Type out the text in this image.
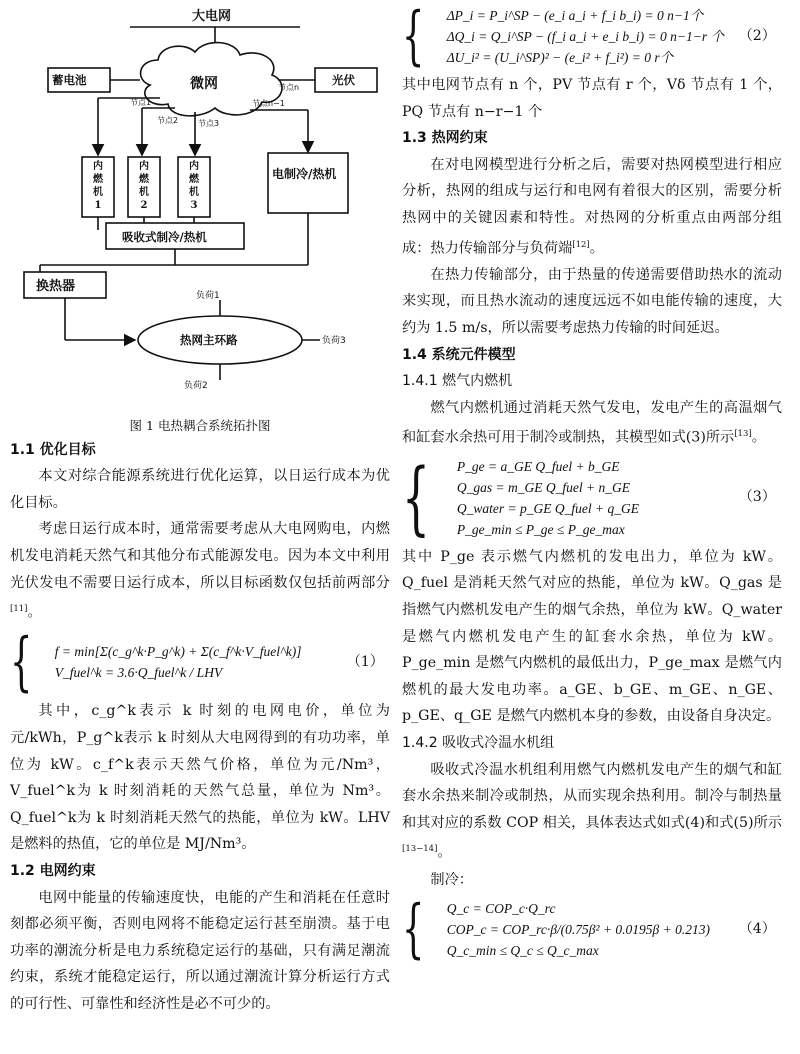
大电网
微网
蓄电池	光伏
节点1
节点2 节点3
节点n
节点n−1
负荷2
负荷1
负荷3
换热器
热网主环路
吸收式制冷/热机
电制冷/热机
内燃机1
内燃机2
内燃机3
图 1 电热耦合系统拓扑图
1.1 优化目标

本文对综合能源系统进行优化运算，以日运行成本为优化目标。

考虑日运行成本时，通常需要考虑从大电网购电，内燃机发电消耗天然气和其他分布式能源发电。因为本文中利用光伏发电不需要日运行成本，所以目标函数仅包括前两部分[11]。

{ f = min[Σ(c_g^k·P_g^k) + Σ(c_f^k·V_fuel^k)]
V_fuel^k = 3.6·Q_fuel^k / LHV
（1）

其中，c_g^k表示 k 时刻的电网电价，单位为元/kWh，P_g^k表示 k 时刻从大电网得到的有功功率，单位为 kW。c_f^k表示天然气价格，单位为元/Nm³，V_fuel^k为 k 时刻消耗的天然气总量，单位为 Nm³。Q_fuel^k为 k 时刻消耗天然气的热能，单位为 kW。LHV 是燃料的热值，它的单位是 MJ/Nm³。

1.2 电网约束

电网中能量的传输速度快，电能的产生和消耗在任意时刻都必须平衡，否则电网将不能稳定运行甚至崩溃。基于电功率的潮流分析是电力系统稳定运行的基础，只有满足潮流约束，系统才能稳定运行，所以通过潮流计算分析运行方式的可行性、可靠性和经济性是必不可少的。

{ ΔP_i = P_i^SP − (e_i a_i + f_i b_i) = 0 n−1个
ΔQ_i = Q_i^SP − (f_i a_i + e_i b_i) = 0 n−1−r 个
ΔU_i² = (U_i^SP)² − (e_i² + f_i²) = 0 r个
（2）

其中电网节点有 n 个，PV 节点有 r 个，Vδ 节点有 1 个，PQ 节点有 n−r−1 个

1.3 热网约束

在对电网模型进行分析之后，需要对热网模型进行相应分析，热网的组成与运行和电网有着很大的区别，需要分析热网中的关键因素和特性。对热网的分析重点由两部分组成：热力传输部分与负荷端[12]。

在热力传输部分，由于热量的传递需要借助热水的流动来实现，而且热水流动的速度远远不如电能传输的速度，大约为 1.5 m/s，所以需要考虑热力传输的时间延迟。

1.4 系统元件模型
1.4.1 燃气内燃机

燃气内燃机通过消耗天然气发电，发电产生的高温烟气和缸套水余热可用于制冷或制热，其模型如式(3)所示[13]。

{ P_ge = a_GE Q_fuel + b_GE
Q_gas = m_GE Q_fuel + n_GE
Q_water = p_GE Q_fuel + q_GE
P_ge_min ≤ P_ge ≤ P_ge_max
（3）

其中 P_ge 表示燃气内燃机的发电出力，单位为 kW。Q_fuel 是消耗天然气对应的热能，单位为 kW。Q_gas 是指燃气内燃机发电产生的烟气余热，单位为 kW。Q_water 是燃气内燃机发电产生的缸套水余热，单位为 kW。P_ge_min 是燃气内燃机的最低出力，P_ge_max 是燃气内燃机的最大发电功率。a_GE、b_GE、m_GE、n_GE、p_GE、q_GE 是燃气内燃机本身的参数，由设备自身决定。

1.4.2 吸收式冷温水机组

吸收式冷温水机组利用燃气内燃机发电产生的烟气和缸套水余热来制冷或制热，从而实现余热利用。制冷与制热量和其对应的系数 COP 相关，具体表达式如式(4)和式(5)所示[13−14]。

制冷：

{ Q_c = COP_c·Q_rc
COP_c = COP_rc·β/(0.75β² + 0.0195β + 0.213)
Q_c_min ≤ Q_c ≤ Q_c_max
（4）
